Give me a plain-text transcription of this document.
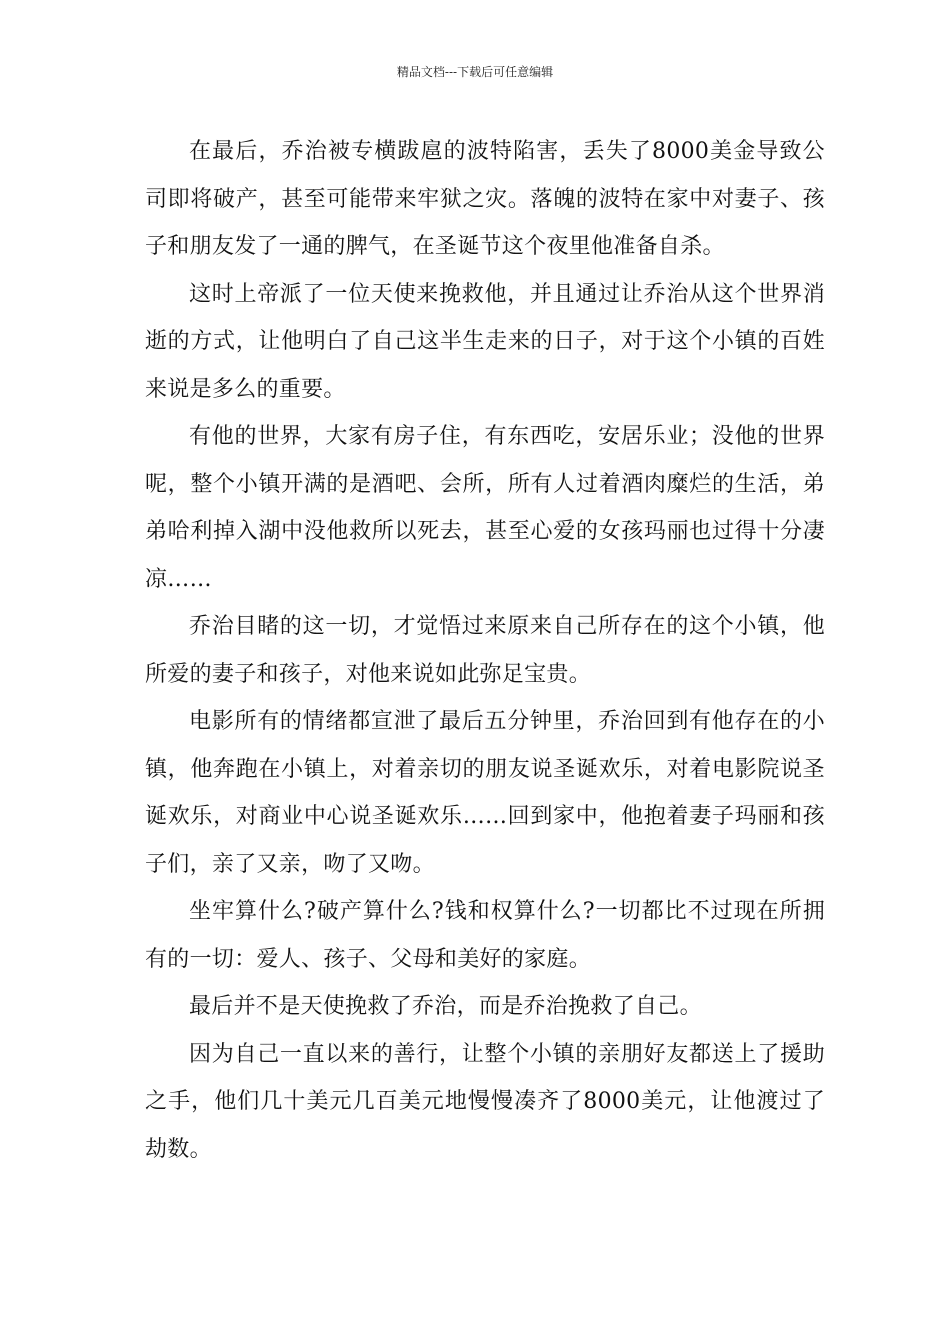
精品文档---下载后可任意编辑

在最后，乔治被专横跋扈的波特陷害，丢失了8000美金导致公司即将破产，甚至可能带来牢狱之灾。落魄的波特在家中对妻子、孩子和朋友发了一通的脾气，在圣诞节这个夜里他准备自杀。

这时上帝派了一位天使来挽救他，并且通过让乔治从这个世界消逝的方式，让他明白了自己这半生走来的日子，对于这个小镇的百姓来说是多么的重要。

有他的世界，大家有房子住，有东西吃，安居乐业；没他的世界呢，整个小镇开满的是酒吧、会所，所有人过着酒肉糜烂的生活，弟弟哈利掉入湖中没他救所以死去，甚至心爱的女孩玛丽也过得十分凄凉……

乔治目睹的这一切，才觉悟过来原来自己所存在的这个小镇，他所爱的妻子和孩子，对他来说如此弥足宝贵。

电影所有的情绪都宣泄了最后五分钟里，乔治回到有他存在的小镇，他奔跑在小镇上，对着亲切的朋友说圣诞欢乐，对着电影院说圣诞欢乐，对商业中心说圣诞欢乐……回到家中，他抱着妻子玛丽和孩子们，亲了又亲，吻了又吻。

坐牢算什么?破产算什么?钱和权算什么?一切都比不过现在所拥有的一切：爱人、孩子、父母和美好的家庭。

最后并不是天使挽救了乔治，而是乔治挽救了自己。

因为自己一直以来的善行，让整个小镇的亲朋好友都送上了援助之手，他们几十美元几百美元地慢慢凑齐了8000美元，让他渡过了劫数。
